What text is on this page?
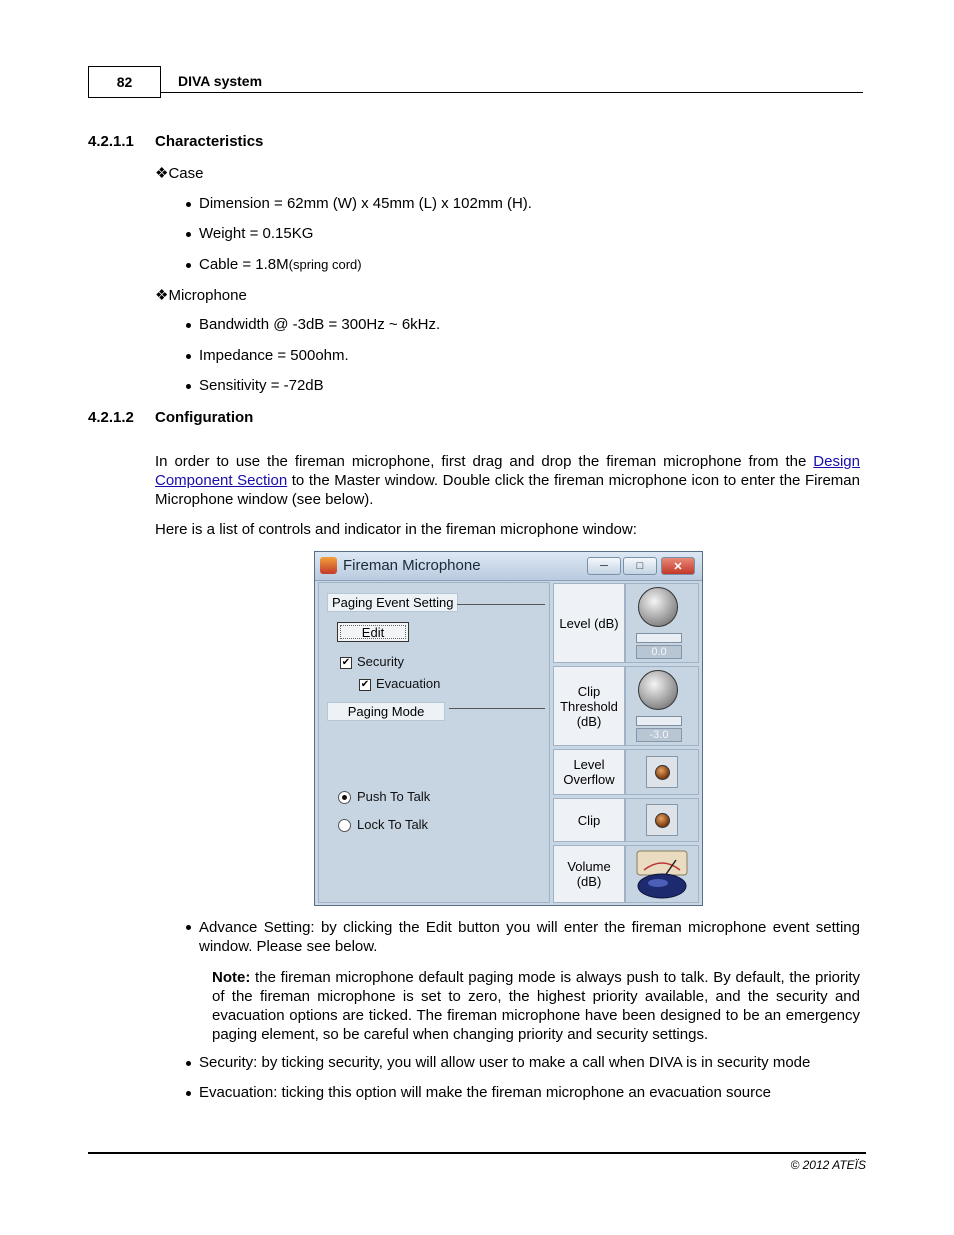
82	DIVA system
4.2.1.1 Characteristics
❖Case
Dimension = 62mm (W) x 45mm (L) x 102mm (H).
Weight = 0.15KG
Cable = 1.8M(spring cord)
❖Microphone
Bandwidth @ -3dB = 300Hz ~ 6kHz.
Impedance = 500ohm.
Sensitivity = -72dB
4.2.1.2 Configuration
In order to use the fireman microphone, first drag and drop the fireman microphone from the Design Component Section to the Master window. Double click the fireman microphone icon to enter the Fireman Microphone window (see below).
Here is a list of controls and indicator in the fireman microphone window:
Fireman Microphone	─	□	✕
Paging Event Setting
Edit
✔ Security
✔ Evacuation
Paging Mode
Push To Talk
Lock To Talk
Level (dB)
0.0
Clip
Threshold
(dB)
-3.0
Level
Overflow
Clip
Volume (dB)
Advance Setting: by clicking the Edit button you will enter the fireman microphone event setting window. Please see below.
Note: the fireman microphone default paging mode is always push to talk. By default, the priority of the fireman microphone is set to zero, the highest priority available, and the security and evacuation options are ticked. The fireman microphone have been designed to be an emergency paging element, so be careful when changing priority and security settings.
Security: by ticking security, you will allow user to make a call when DIVA is in security mode
Evacuation: ticking this option will make the fireman microphone an evacuation source
© 2012 ATEÏS
